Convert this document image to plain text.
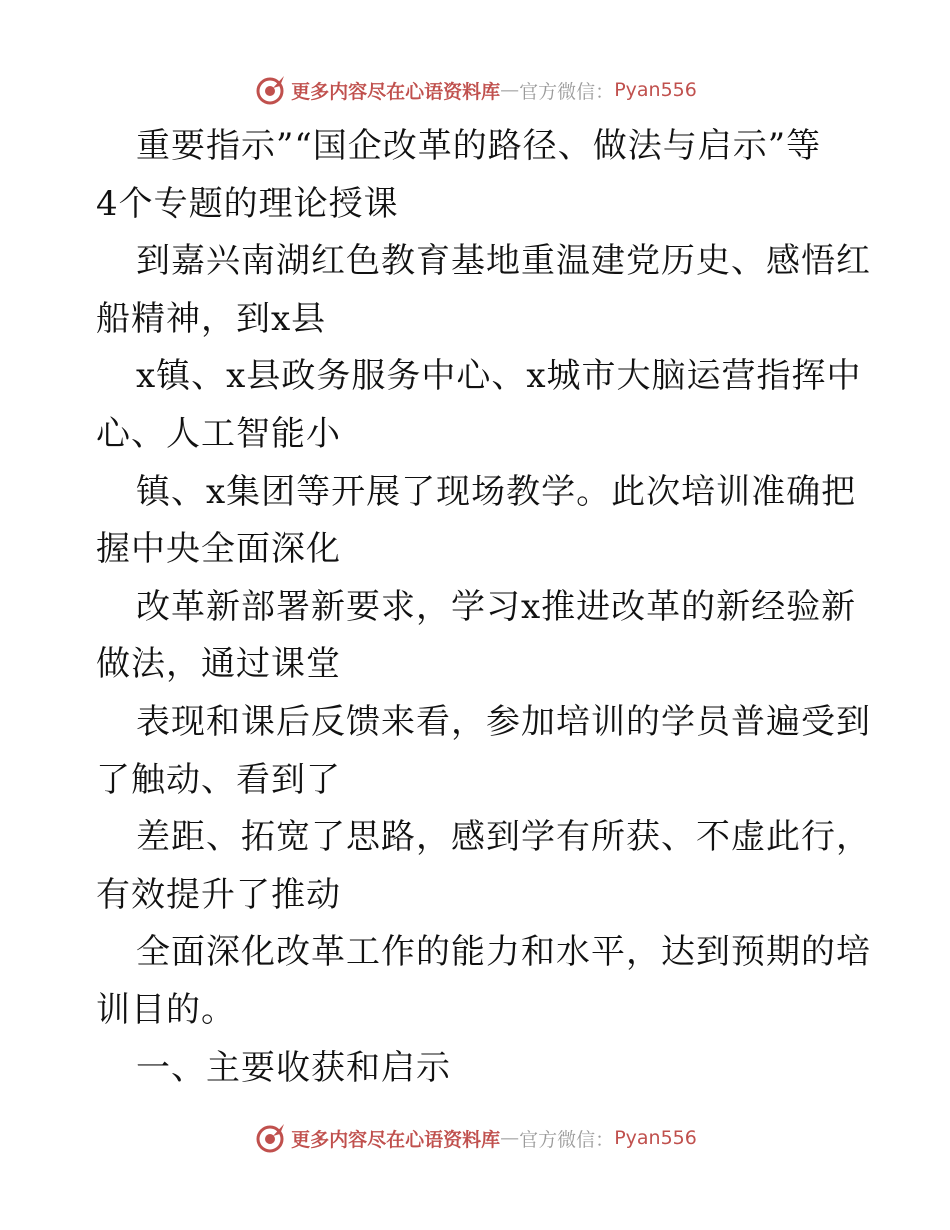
更多内容尽在心语资料库 — 官方微信： Pyan556
重要指示”“国企改革的路径、做法与启示”等
4个专题的理论授课
到嘉兴南湖红色教育基地重温建党历史、感悟红
船精神，到x县
x镇、x县政务服务中心、x城市大脑运营指挥中
心、人工智能小
镇、x集团等开展了现场教学。此次培训准确把
握中央全面深化
改革新部署新要求，学习x推进改革的新经验新
做法，通过课堂
表现和课后反馈来看，参加培训的学员普遍受到
了触动、看到了
差距、拓宽了思路，感到学有所获、不虚此行，
有效提升了推动
全面深化改革工作的能力和水平，达到预期的培
训目的。
一、主要收获和启示
更多内容尽在心语资料库 — 官方微信： Pyan556
